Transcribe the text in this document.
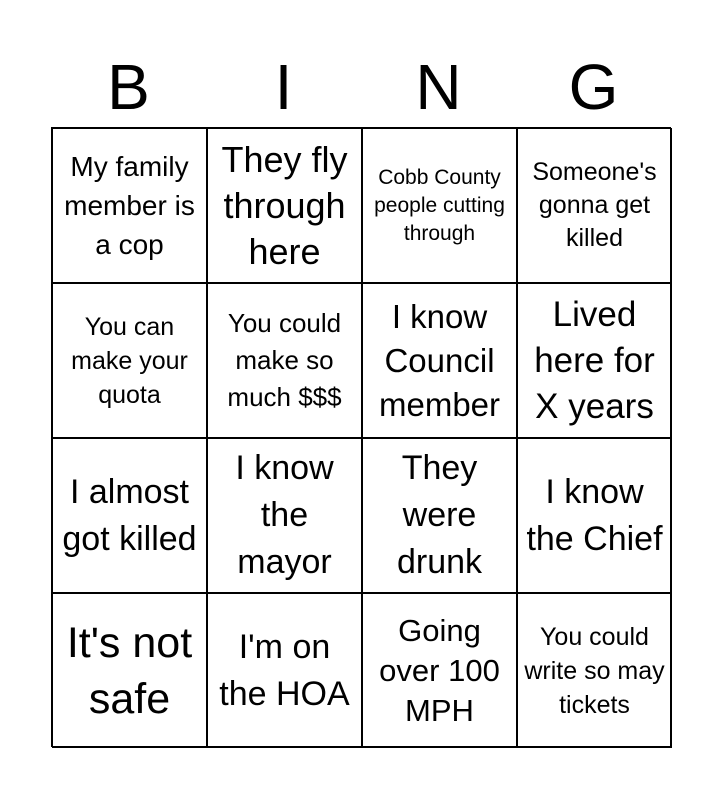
B	I	N	G
My family member is a cop
They fly through here
Cobb County people cutting through
Someone's gonna get killed
You can make your quota
You could make so much $$$
I know Council member
Lived here for X years
I almost got killed
I know the mayor
They were drunk
I know the Chief
It's not safe
I'm on the HOA
Going over 100 MPH
You could write so may tickets
